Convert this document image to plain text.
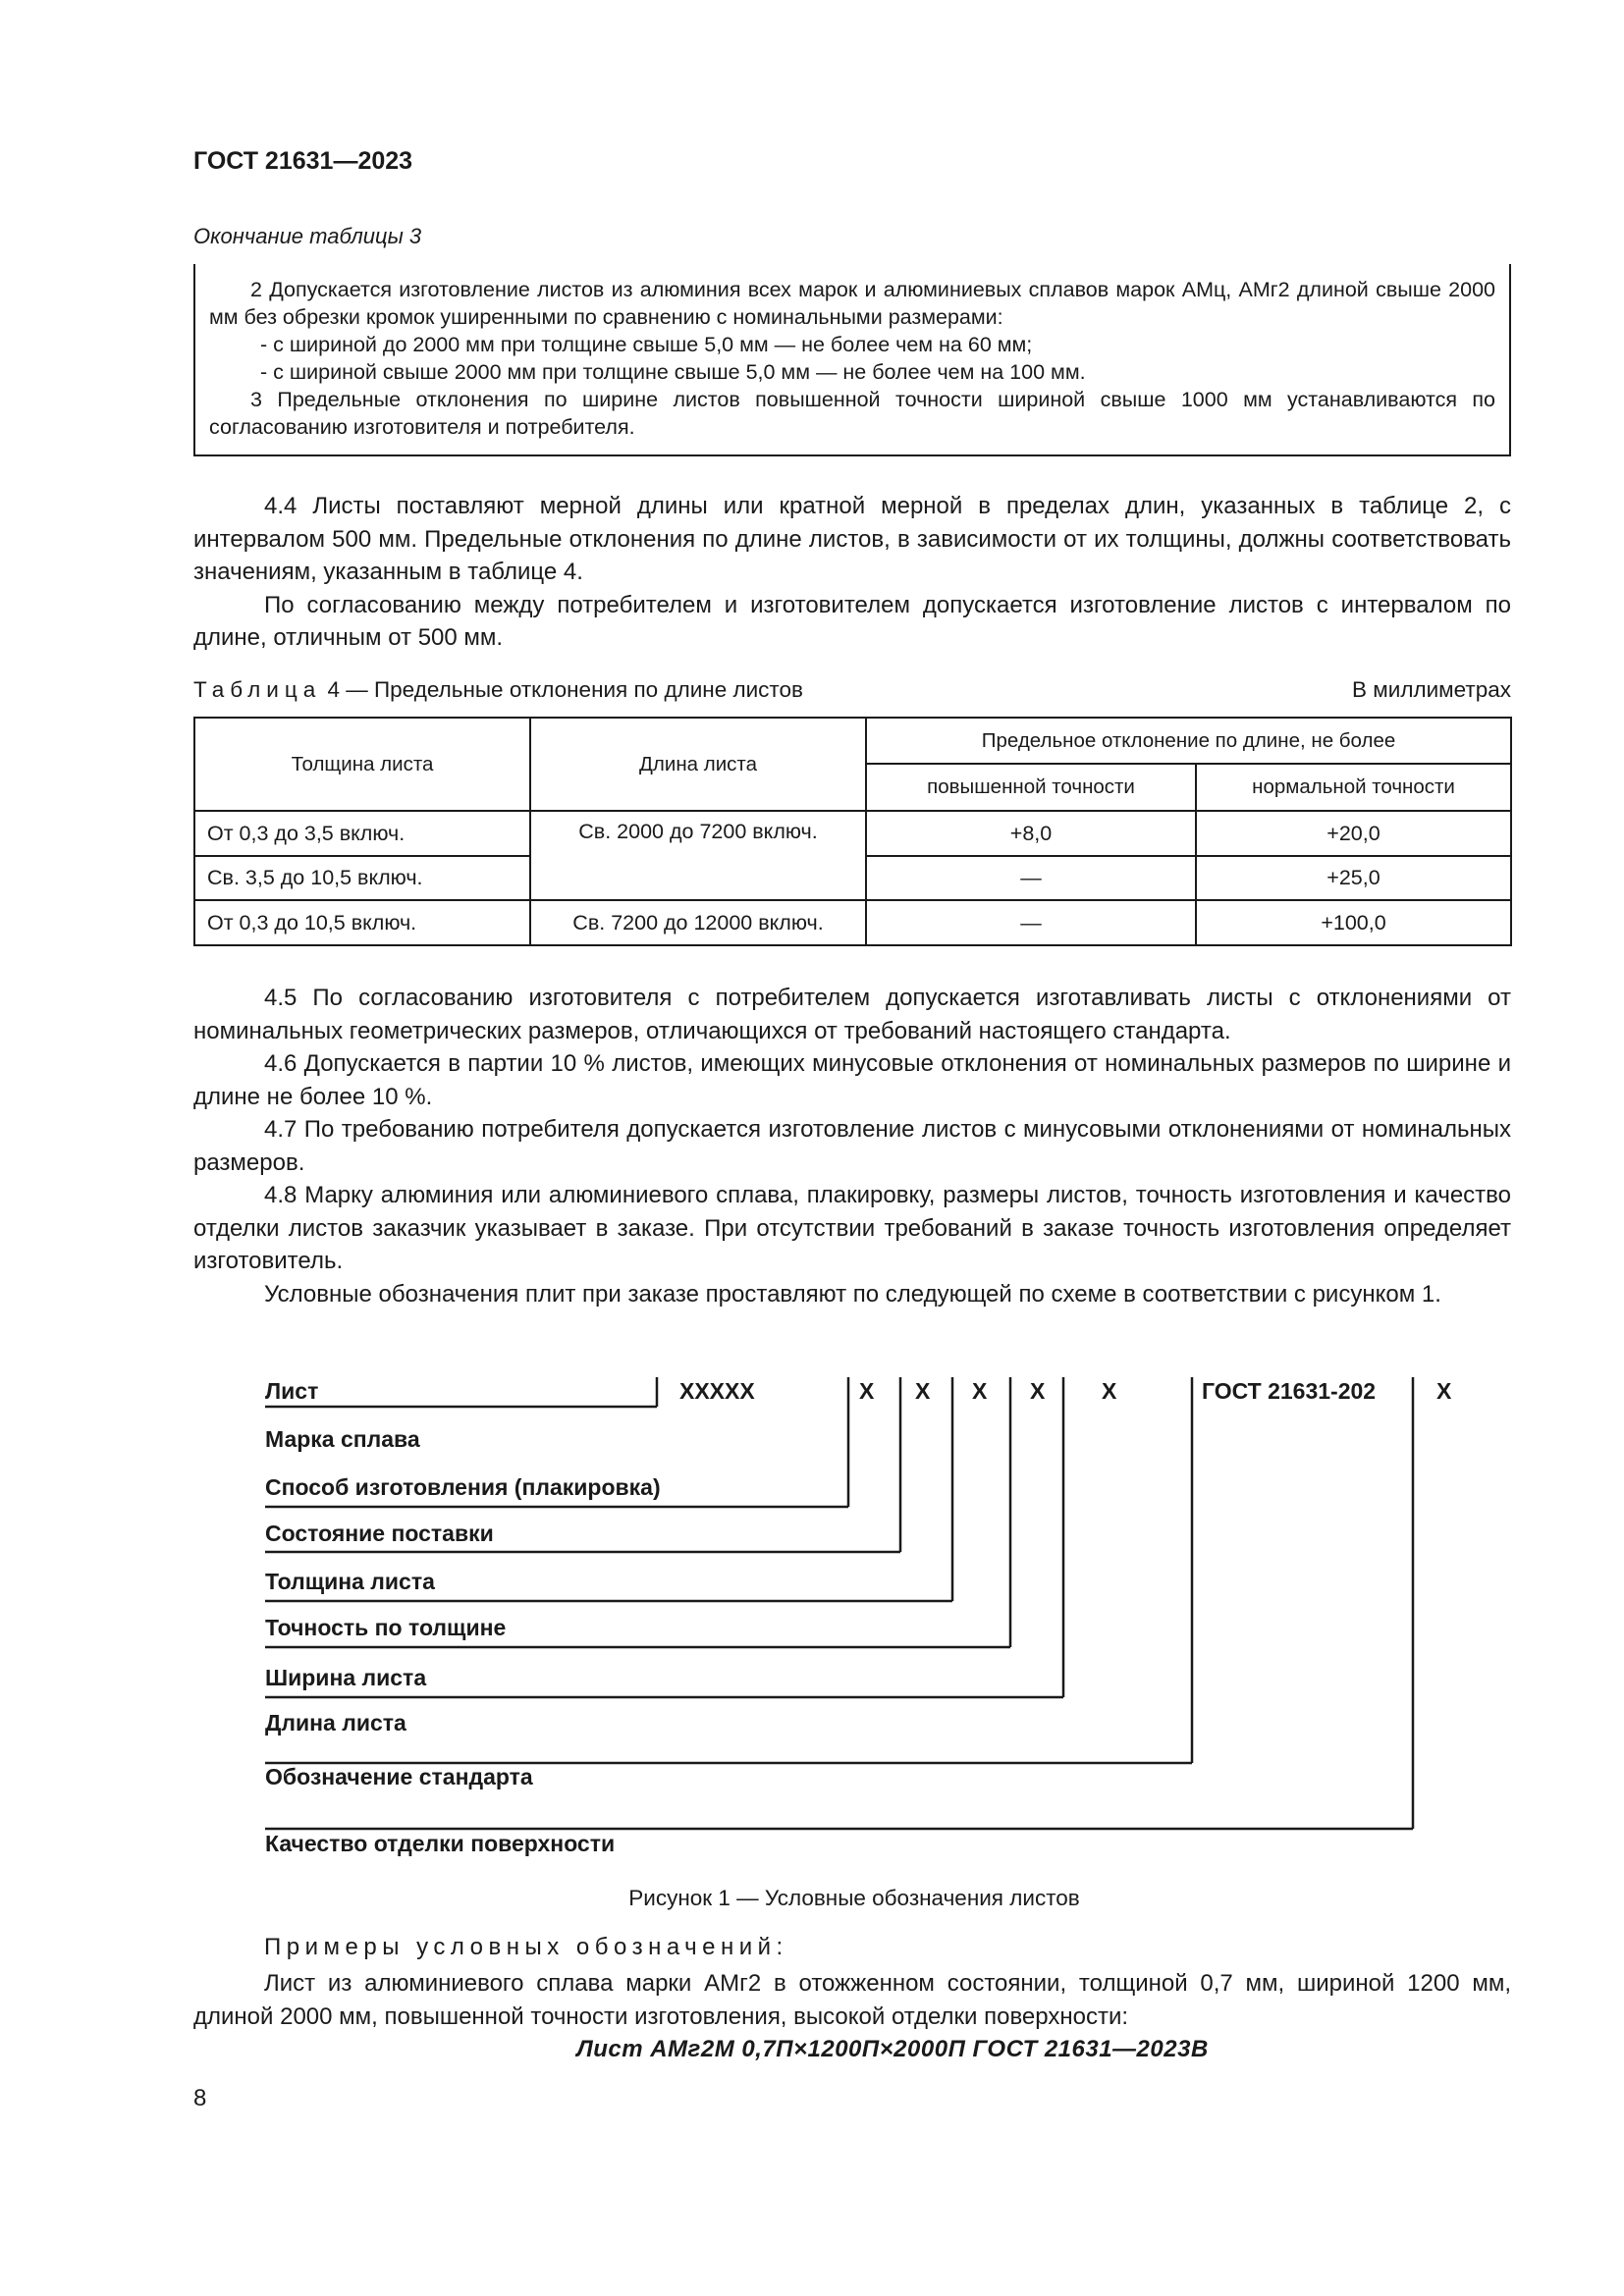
ГОСТ 21631—2023
Окончание таблицы 3

2 Допускается изготовление листов из алюминия всех марок и алюминиевых сплавов марок АМц, АМг2 длиной свыше 2000 мм без обрезки кромок уширенными по сравнению с номинальными размерами:

- с шириной до 2000 мм при толщине свыше 5,0 мм — не более чем на 60 мм;

- с шириной свыше 2000 мм при толщине свыше 5,0 мм — не более чем на 100 мм.

3 Предельные отклонения по ширине листов повышенной точности шириной свыше 1000 мм устанавливаются по согласованию изготовителя и потребителя.

4.4 Листы поставляют мерной длины или кратной мерной в пределах длин, указанных в таблице 2, с интервалом 500 мм. Предельные отклонения по длине листов, в зависимости от их толщины, должны соответствовать значениям, указанным в таблице 4.

По согласованию между потребителем и изготовителем допускается изготовление листов с интервалом по длине, отличным от 500 мм.

Таблица 4 — Предельные отклонения по длине листов	В миллиметрах
Толщина листа	Длина листа	Предельное отклонение по длине, не более	
		повышенной точности	нормальной точности
От 0,3 до 3,5 включ.	Св. 2000 до 7200 включ.	+8,0	+20,0
Св. 3,5 до 10,5 включ.		—	+25,0
От 0,3 до 10,5 включ.	Св. 7200 до 12000 включ.	—	+100,0

4.5 По согласованию изготовителя с потребителем допускается изготавливать листы с отклонениями от номинальных геометрических размеров, отличающихся от требований настоящего стандарта.

4.6 Допускается в партии 10 % листов, имеющих минусовые отклонения от номинальных размеров по ширине и длине не более 10 %.

4.7 По требованию потребителя допускается изготовление листов с минусовыми отклонениями от номинальных размеров.

4.8 Марку алюминия или алюминиевого сплава, плакировку, размеры листов, точность изготовления и качество отделки листов заказчик указывает в заказе. При отсутствии требований в заказе точность изготовления определяет изготовитель.

Условные обозначения плит при заказе проставляют по следующей по схеме в соответствии с рисунком 1.

Лист	XXXXX	X X X X	X	ГОСТ 21631-202	X
Марка сплава
Способ изготовления (плакировка)
Состояние поставки
Толщина листа
Точность по толщине
Ширина листа
Длина листа
Обозначение стандарта
Качество отделки поверхности
Рисунок 1 — Условные обозначения листов
Примеры условных обозначений:

Лист из алюминиевого сплава марки АМг2 в отожженном состоянии, толщиной 0,7 мм, шириной 1200 мм, длиной 2000 мм, повышенной точности изготовления, высокой отделки поверхности:

Лист АМг2М 0,7П×1200П×2000П ГОСТ 21631—2023В
8
